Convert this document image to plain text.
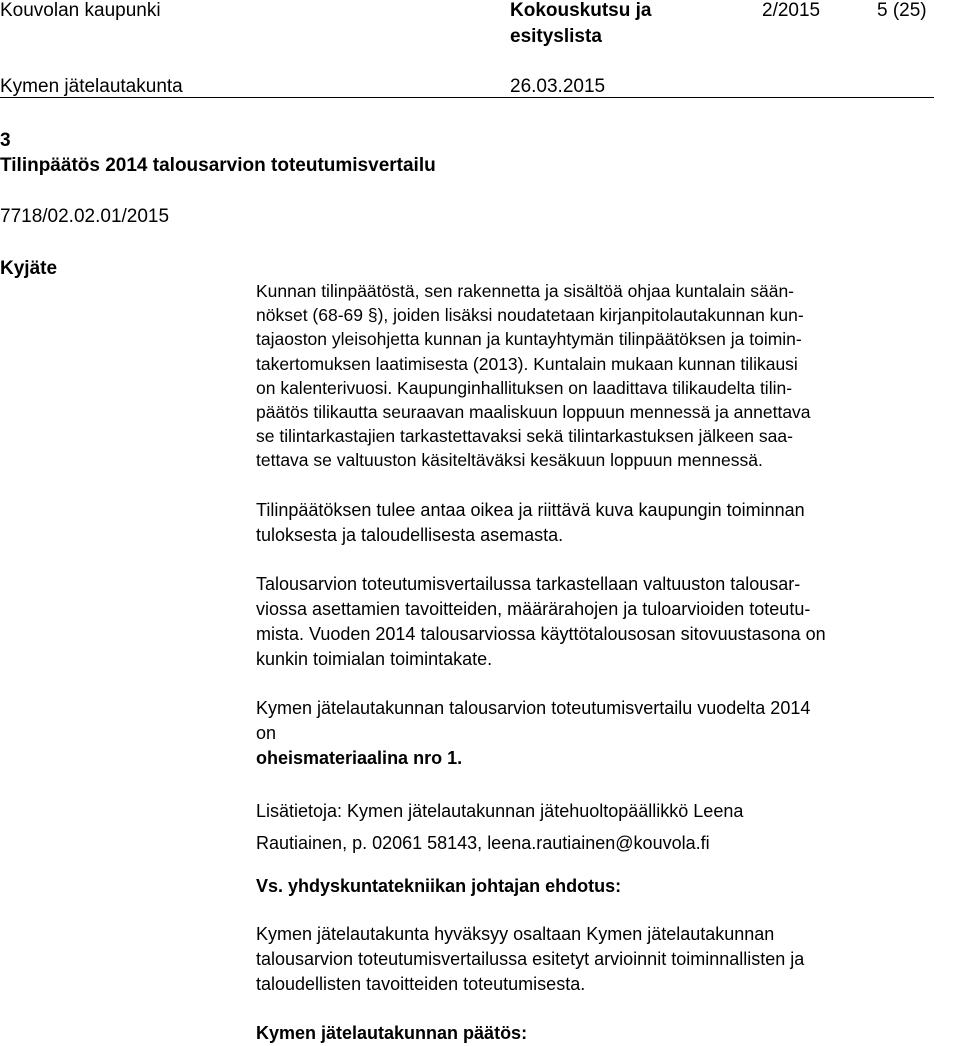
Kouvolan kaupunki	Kokouskutsu ja
esityslista
2/2015	5 (25)
Kymen jätelautakunta	26.03.2015
3
Tilinpäätös 2014 talousarvion toteutumisvertailu
7718/02.02.01/2015
Kyjäte
Kunnan tilinpäätöstä, sen rakennetta ja sisältöä ohjaa kuntalain sään-
nökset (68-69 §), joiden lisäksi noudatetaan kirjanpitolautakunnan kun-
tajaoston yleisohjetta kunnan ja kuntayhtymän tilinpäätöksen ja toimin-
takertomuksen laatimisesta (2013). Kuntalain mukaan kunnan tilikausi
on kalenterivuosi. Kaupunginhallituksen on laadittava tilikaudelta tilin-
päätös tilikautta seuraavan maaliskuun loppuun mennessä ja annettava
se tilintarkastajien tarkastettavaksi sekä tilintarkastuksen jälkeen saa-
tettava se valtuuston käsiteltäväksi kesäkuun loppuun mennessä.
Tilinpäätöksen tulee antaa oikea ja riittävä kuva kaupungin toiminnan
tuloksesta ja taloudellisesta asemasta.
Talousarvion toteutumisvertailussa tarkastellaan valtuuston talousar-
viossa asettamien tavoitteiden, määrärahojen ja tuloarvioiden toteutu-
mista. Vuoden 2014 talousarviossa käyttötalousosan sitovuustasona on
kunkin toimialan toimintakate.
Kymen jätelautakunnan talousarvion toteutumisvertailu vuodelta 2014
on
oheismateriaalina nro 1.
Lisätietoja: Kymen jätelautakunnan jätehuoltopäällikkö Leena
Rautiainen, p. 02061 58143, leena.rautiainen@kouvola.fi
Vs. yhdyskuntatekniikan johtajan ehdotus:
Kymen jätelautakunta hyväksyy osaltaan Kymen jätelautakunnan
talousarvion toteutumisvertailussa esitetyt arvioinnit toiminnallisten ja
taloudellisten tavoitteiden toteutumisesta.
Kymen jätelautakunnan päätös:
